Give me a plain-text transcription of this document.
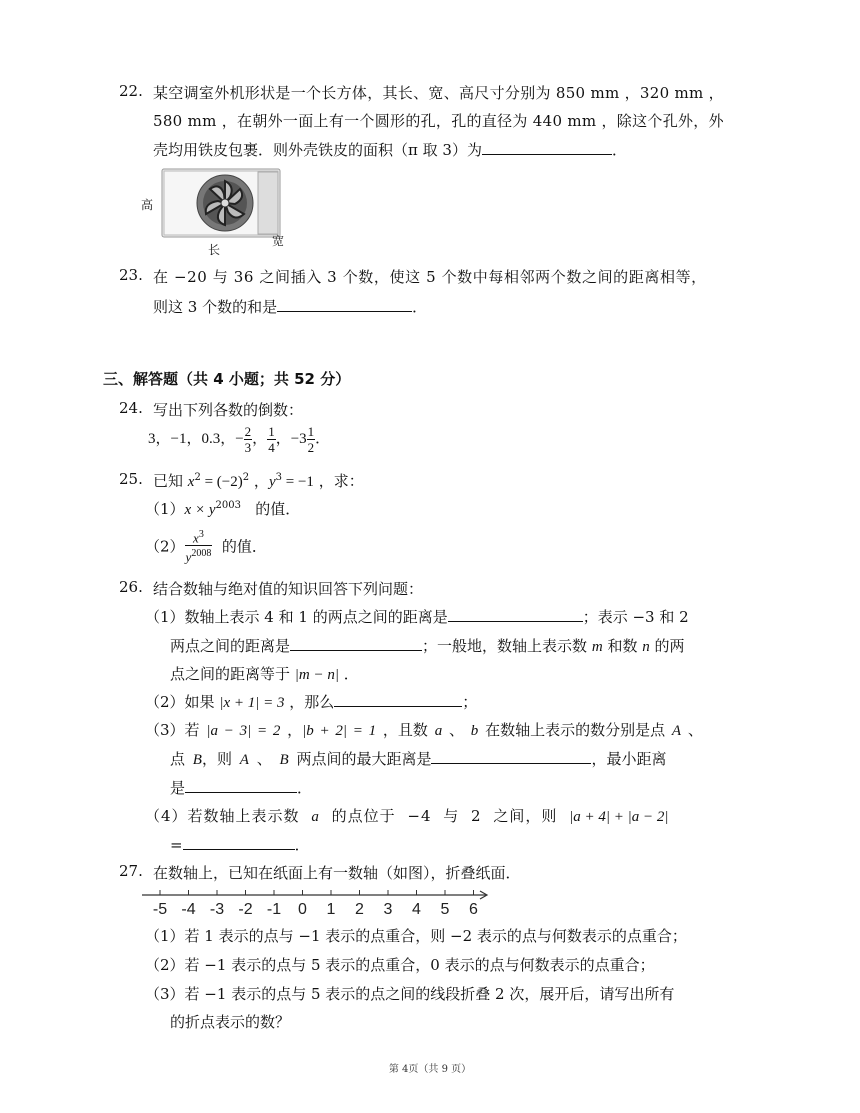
22. 某空调室外机形状是一个长方体，其长、宽、高尺寸分别为 850 mm ，320 mm ，
580 mm ，在朝外一面上有一个圆形的孔，孔的直径为 440 mm ，除这个孔外，外
壳均用铁皮包裹．则外壳铁皮的面积（π 取 3）为	．
高
长
宽
23. 在 −20 与 36 之间插入 3 个数，使这 5 个数中每相邻两个数之间的距离相等，
则这 3 个数的和是	．
三、解答题（共 4 小题；共 52 分）
24. 写出下列各数的倒数：
3，−1，0.3，− $\frac{2}{3}$ ， $\frac{1}{4}$ ，$-3 \frac{1}{2}$ ．
25. 已知 $x^2 = (-2)^2$ ，$y^3 = -1$ ，求：
$(1)x \times y^{2003}$ 的值．
$(2) \frac{x^3}{y^{2008}}$ 的值．
26. 结合数轴与绝对值的知识回答下列问题：
（1）数轴上表示 4 和 1 的两点之间的距离是	；表示 −3 和 2
两点之间的距离是	；一般地，数轴上表示数 m 和数 n 的两
点之间的距离等于 |m − n| ．
（2）如果 |x + 1| = 3 ，那么	；
（3）若 |a − 3| = 2 ，|b + 2| = 1 ，且数 a 、 b 在数轴上表示的数分别是点 A 、
点 B，则 A 、 B 两点间的最大距离是	，最小距离
是	．
（4）若数轴上表示数 a 的点位于 −4 与 2 之间，则 |a + 4| + |a − 2|
=	．
27. 在数轴上，已知在纸面上有一数轴（如图），折叠纸面．
-5 -4 -3 -2 -1 0 1 2 3 4 5 6
（1）若 1 表示的点与 −1 表示的点重合，则 −2 表示的点与何数表示的点重合；
（2）若 −1 表示的点与 5 表示的点重合，0 表示的点与何数表示的点重合；
（3）若 −1 表示的点与 5 表示的点之间的线段折叠 2 次，展开后，请写出所有
的折点表示的数？
第 4页（共 9 页）
